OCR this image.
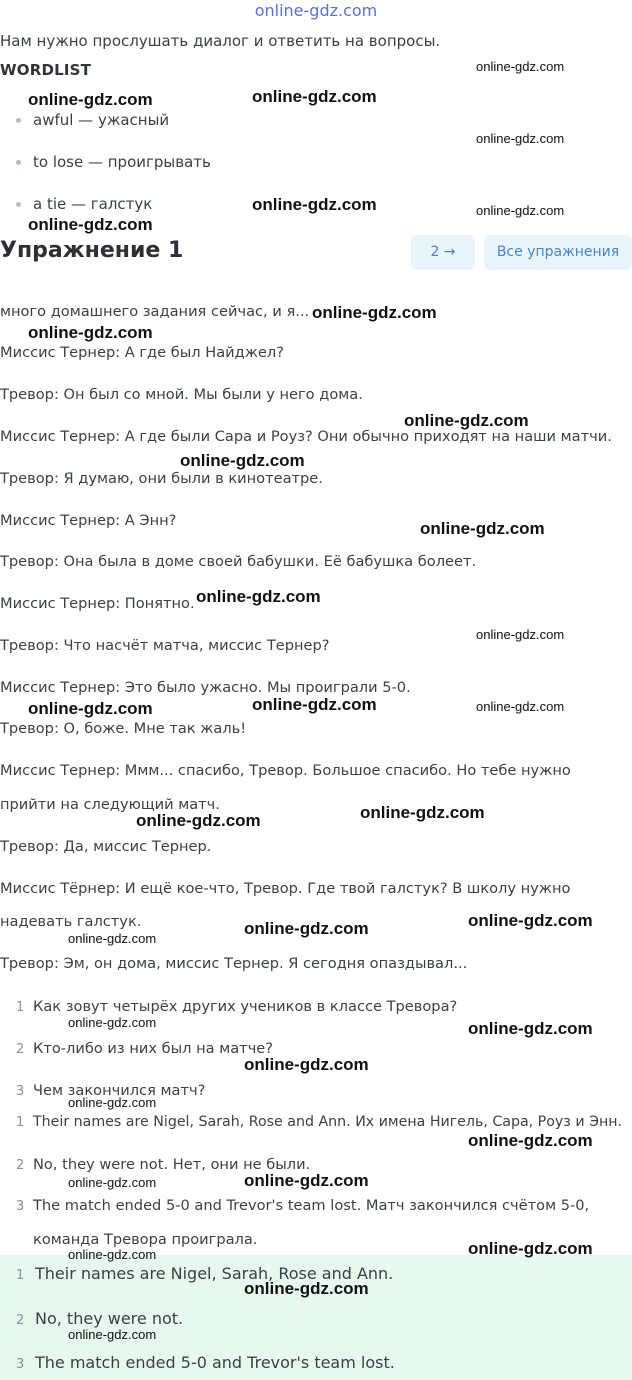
online-gdz.com
Нам нужно прослушать диалог и ответить на вопросы.
WORDLIST
awful — ужасный
to lose — проигрывать
a tie — галстук
Упражнение 1	2 →	Все упражнения
много домашнего задания сейчас, и я...
Миссис Тернер: А где был Найджел?
Тревор: Он был со мной. Мы были у него дома.
Миссис Тернер: А где были Сара и Роуз? Они обычно приходят на наши матчи.
Тревор: Я думаю, они были в кинотеатре.
Миссис Тернер: А Энн?
Тревор: Она была в доме своей бабушки. Её бабушка болеет.
Миссис Тернер: Понятно.
Тревор: Что насчёт матча, миссис Тернер?
Миссис Тернер: Это было ужасно. Мы проиграли 5-0.
Тревор: О, боже. Мне так жаль!
Миссис Тернер: Ммм... спасибо, Тревор. Большое спасибо. Но тебе нужно
прийти на следующий матч.
Тревор: Да, миссис Тернер.
Миссис Тёрнер: И ещё кое-что, Тревор. Где твой галстук? В школу нужно
надевать галстук.
Тревор: Эм, он дома, миссис Тернер. Я сегодня опаздывал...
1 Как зовут четырёх других учеников в классе Тревора?
2 Кто-либо из них был на матче?
3 Чем закончился матч?
1 Their names are Nigel, Sarah, Rose and Ann. Их имена Нигель, Сара, Роуз и Энн.
2 No, they were not. Нет, они не были.
3 The match ended 5-0 and Trevor's team lost. Матч закончился счётом 5-0,
команда Тревора проиграла.
1 Their names are Nigel, Sarah, Rose and Ann.
2 No, they were not.
3 The match ended 5-0 and Trevor's team lost.
online-gdz.com	online-gdz.com
online-gdz.com
online-gdz.com
online-gdz.com
online-gdz.com	online-gdz.com
online-gdz.com
online-gdz.com
online-gdz.com
online-gdz.com
online-gdz.com
online-gdz.com
online-gdz.com
online-gdz.com	online-gdz.com	online-gdz.com
online-gdz.com	online-gdz.com
online-gdz.com
online-gdz.com	online-gdz.com
online-gdz.com	online-gdz.com
online-gdz.com
online-gdz.com
online-gdz.com
online-gdz.com	online-gdz.com
online-gdz.com	online-gdz.com
online-gdz.com
online-gdz.com
